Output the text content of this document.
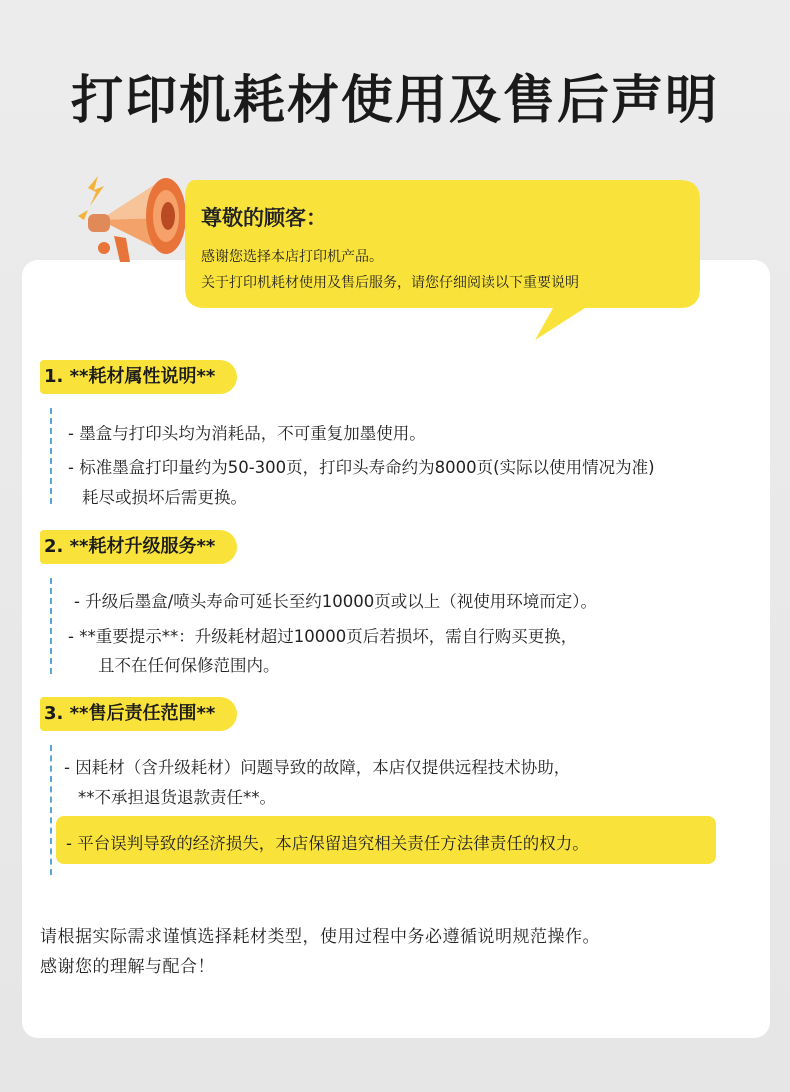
打印机耗材使用及售后声明
尊敬的顾客：
感谢您选择本店打印机产品。
关于打印机耗材使用及售后服务，请您仔细阅读以下重要说明
1. **耗材属性说明**
- 墨盒与打印头均为消耗品，不可重复加墨使用。
- 标准墨盒打印量约为50-300页，打印头寿命约为8000页(实际以使用情况为准)
耗尽或损坏后需更换。
2. **耗材升级服务**
- 升级后墨盒/喷头寿命可延长至约10000页或以上（视使用环境而定）。
- **重要提示**：升级耗材超过10000页后若损坏，需自行购买更换，
且不在任何保修范围内。
3. **售后责任范围**
- 因耗材（含升级耗材）问题导致的故障，本店仅提供远程技术协助，
**不承担退货退款责任**。
- 平台误判导致的经济损失，本店保留追究相关责任方法律责任的权力。
请根据实际需求谨慎选择耗材类型，使用过程中务必遵循说明规范操作。
感谢您的理解与配合！
